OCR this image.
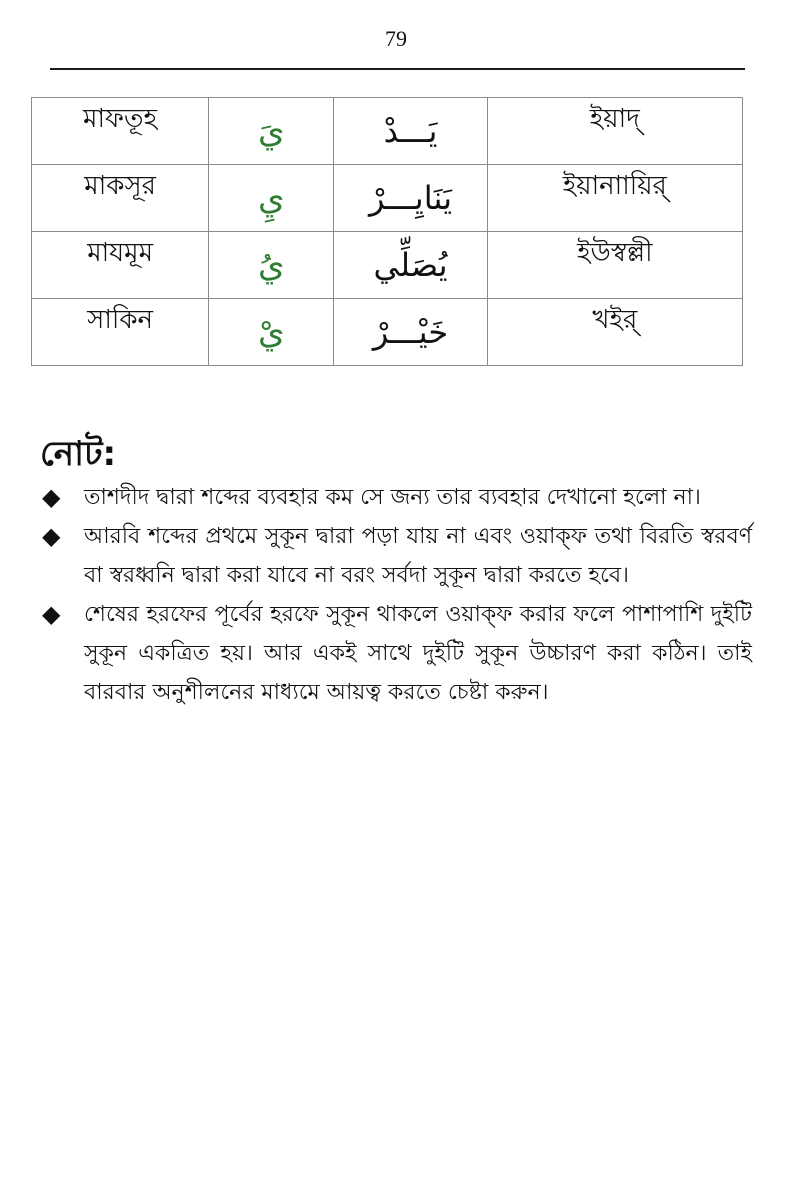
79
মাফতূহ	يَ	يَـــدْ	ইয়াদ্
মাকসূর	يِ	يَنَايِـــرْ	ইয়ানাায়ির্
মাযমূম	يُ	يُصَلِّي	ইউস্বল্লী
সাকিন	يْ	خَيْـــرْ	খইর্
নোট:
◆ তাশদীদ দ্বারা শব্দের ব্যবহার কম সে জন্য তার ব্যবহার দেখানো হলো না।
◆ আরবি শব্দের প্রথমে সুকূন দ্বারা পড়া যায় না এবং ওয়াক্ফ তথা বিরতি স্বরবর্ণ বা স্বরধ্বনি দ্বারা করা যাবে না বরং সর্বদা সুকূন দ্বারা করতে হবে।
◆ শেষের হরফের পূর্বের হরফে সুকূন থাকলে ওয়াক্ফ করার ফলে পাশাপাশি দুইটি সুকূন একত্রিত হয়। আর একই সাথে দুইটি সুকূন উচ্চারণ করা কঠিন। তাই বারবার অনুশীলনের মাধ্যমে আয়ত্ব করতে চেষ্টা করুন।
